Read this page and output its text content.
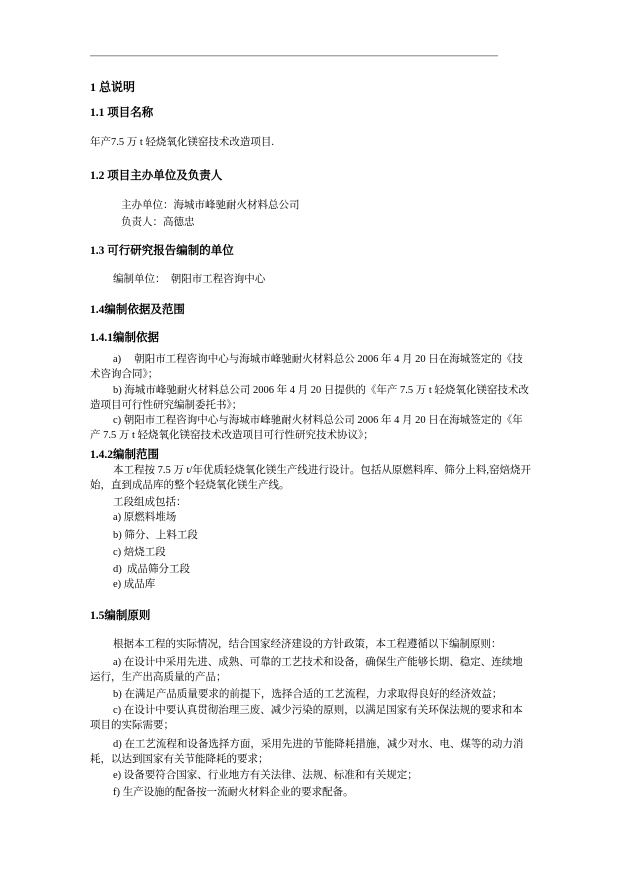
1 总说明
1.1 项目名称
年产7.5 万 t 轻烧氧化镁窑技术改造项目.
1.2 项目主办单位及负责人
主办单位：海城市峰驰耐火材料总公司
负责人：高德忠
1.3 可行研究报告编制的单位
编制单位：　朝阳市工程咨询中心
1.4编制依据及范围
1.4.1编制依据
a)　 朝阳市工程咨询中心与海城市峰驰耐火材料总公 2006 年 4 月 20 日在海城签定的《技术咨询合同》；
b) 海城市峰驰耐火材料总公司 2006 年 4 月 20 日提供的《年产 7.5 万 t 轻烧氧化镁窑技术改造项目可行性研究编制委托书》；
c) 朝阳市工程咨询中心与海城市峰驰耐火材料总公司 2006 年 4 月 20 日在海城签定的《年产 7.5 万 t 轻烧氧化镁窑技术改造项目可行性研究技术协议》；
1.4.2编制范围
本工程按 7.5 万 t/年优质轻烧氧化镁生产线进行设计。包括从原燃料库、筛分上料,窑焙烧开始，直到成品库的整个轻烧氧化镁生产线。
工段组成包括：
a) 原燃料堆场
b) 筛分、上料工段
c) 焙烧工段
d)  成品筛分工段
e) 成品库
1.5编制原则
根据本工程的实际情况，结合国家经济建设的方针政策，本工程遵循以下编制原则：
a) 在设计中采用先进、成熟、可靠的工艺技术和设备，确保生产能够长期、稳定、连续地运行，生产出高质量的产品；
b) 在满足产品质量要求的前提下，选择合适的工艺流程，力求取得良好的经济效益；
c) 在设计中要认真贯彻治理三废、减少污染的原则，以满足国家有关环保法规的要求和本项目的实际需要；
d) 在工艺流程和设备选择方面，采用先进的节能降耗措施，减少对水、电、煤等的动力消耗，以达到国家有关节能降耗的要求；
e) 设备要符合国家、行业地方有关法律、法规、标准和有关规定；
f) 生产设施的配备按一流耐火材料企业的要求配备。
